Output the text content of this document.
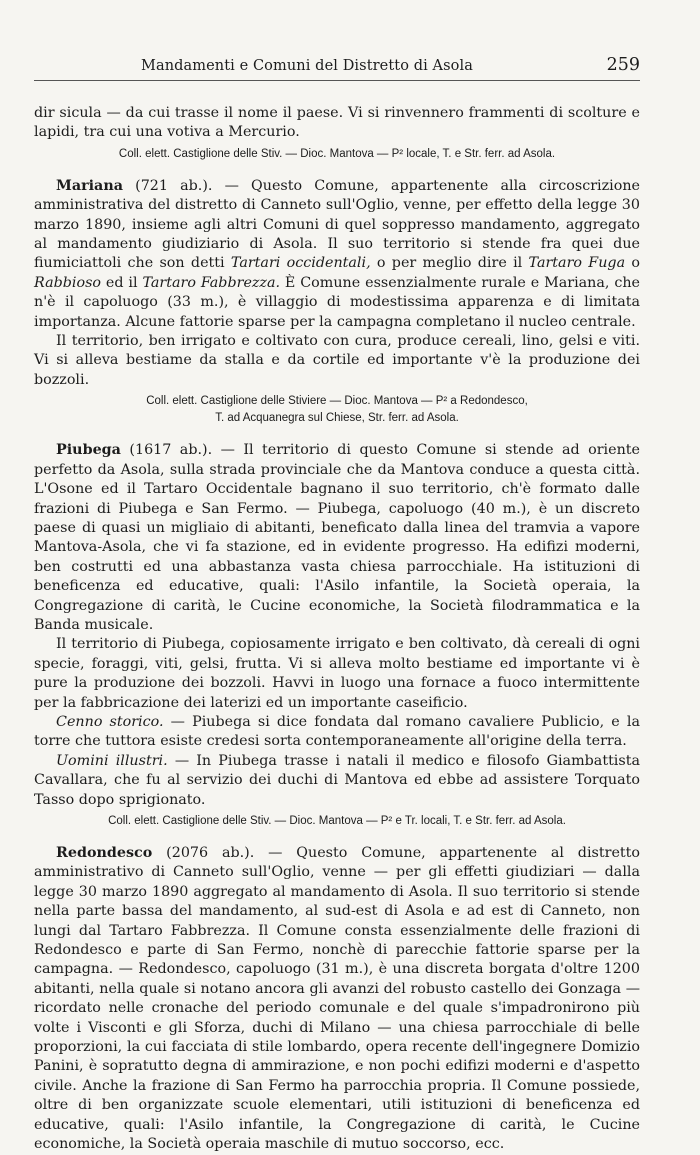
Mandamenti e Comuni del Distretto di Asola	259

dir sicula — da cui trasse il nome il paese. Vi si rinvennero frammenti di scolture e lapidi, tra cui una votiva a Mercurio.

Coll. elett. Castiglione delle Stiv. — Dioc. Mantova — P² locale, T. e Str. ferr. ad Asola.

Mariana (721 ab.). — Questo Comune, appartenente alla circoscrizione amministrativa del distretto di Canneto sull'Oglio, venne, per effetto della legge 30 marzo 1890, insieme agli altri Comuni di quel soppresso mandamento, aggregato al mandamento giudiziario di Asola. Il suo territorio si stende fra quei due fiumiciattoli che son detti Tartari occidentali, o per meglio dire il Tartaro Fuga o Rabbioso ed il Tartaro Fabbrezza. È Comune essenzialmente rurale e Mariana, che n'è il capoluogo (33 m.), è villaggio di modestissima apparenza e di limitata importanza. Alcune fattorie sparse per la campagna completano il nucleo centrale.

Il territorio, ben irrigato e coltivato con cura, produce cereali, lino, gelsi e viti. Vi si alleva bestiame da stalla e da cortile ed importante v'è la produzione dei bozzoli.

Coll. elett. Castiglione delle Stiviere — Dioc. Mantova — P² a Redondesco,
T. ad Acquanegra sul Chiese, Str. ferr. ad Asola.

Piubega (1617 ab.). — Il territorio di questo Comune si stende ad oriente perfetto da Asola, sulla strada provinciale che da Mantova conduce a questa città. L'Osone ed il Tartaro Occidentale bagnano il suo territorio, ch'è formato dalle frazioni di Piubega e San Fermo. — Piubega, capoluogo (40 m.), è un discreto paese di quasi un migliaio di abitanti, beneficato dalla linea del tramvia a vapore Mantova-Asola, che vi fa stazione, ed in evidente progresso. Ha edifizi moderni, ben costrutti ed una abbastanza vasta chiesa parrocchiale. Ha istituzioni di beneficenza ed educative, quali: l'Asilo infantile, la Società operaia, la Congregazione di carità, le Cucine economiche, la Società filodrammatica e la Banda musicale.

Il territorio di Piubega, copiosamente irrigato e ben coltivato, dà cereali di ogni specie, foraggi, viti, gelsi, frutta. Vi si alleva molto bestiame ed importante vi è pure la produzione dei bozzoli. Havvi in luogo una fornace a fuoco intermittente per la fabbricazione dei laterizi ed un importante caseificio.

Cenno storico. — Piubega si dice fondata dal romano cavaliere Publicio, e la torre che tuttora esiste credesi sorta contemporaneamente all'origine della terra.

Uomini illustri. — In Piubega trasse i natali il medico e filosofo Giambattista Cavallara, che fu al servizio dei duchi di Mantova ed ebbe ad assistere Torquato Tasso dopo sprigionato.

Coll. elett. Castiglione delle Stiv. — Dioc. Mantova — P² e Tr. locali, T. e Str. ferr. ad Asola.

Redondesco (2076 ab.). — Questo Comune, appartenente al distretto amministrativo di Canneto sull'Oglio, venne — per gli effetti giudiziari — dalla legge 30 marzo 1890 aggregato al mandamento di Asola. Il suo territorio si stende nella parte bassa del mandamento, al sud-est di Asola e ad est di Canneto, non lungi dal Tartaro Fabbrezza. Il Comune consta essenzialmente delle frazioni di Redondesco e parte di San Fermo, nonchè di parecchie fattorie sparse per la campagna. — Redondesco, capoluogo (31 m.), è una discreta borgata d'oltre 1200 abitanti, nella quale si notano ancora gli avanzi del robusto castello dei Gonzaga — ricordato nelle cronache del periodo comunale e del quale s'impadronirono più volte i Visconti e gli Sforza, duchi di Milano — una chiesa parrocchiale di belle proporzioni, la cui facciata di stile lombardo, opera recente dell'ingegnere Domizio Panini, è sopratutto degna di ammirazione, e non pochi edifizi moderni e d'aspetto civile. Anche la frazione di San Fermo ha parrocchia propria. Il Comune possiede, oltre di ben organizzate scuole elementari, utili istituzioni di beneficenza ed educative, quali: l'Asilo infantile, la Congregazione di carità, le Cucine economiche, la Società operaia maschile di mutuo soccorso, ecc.
